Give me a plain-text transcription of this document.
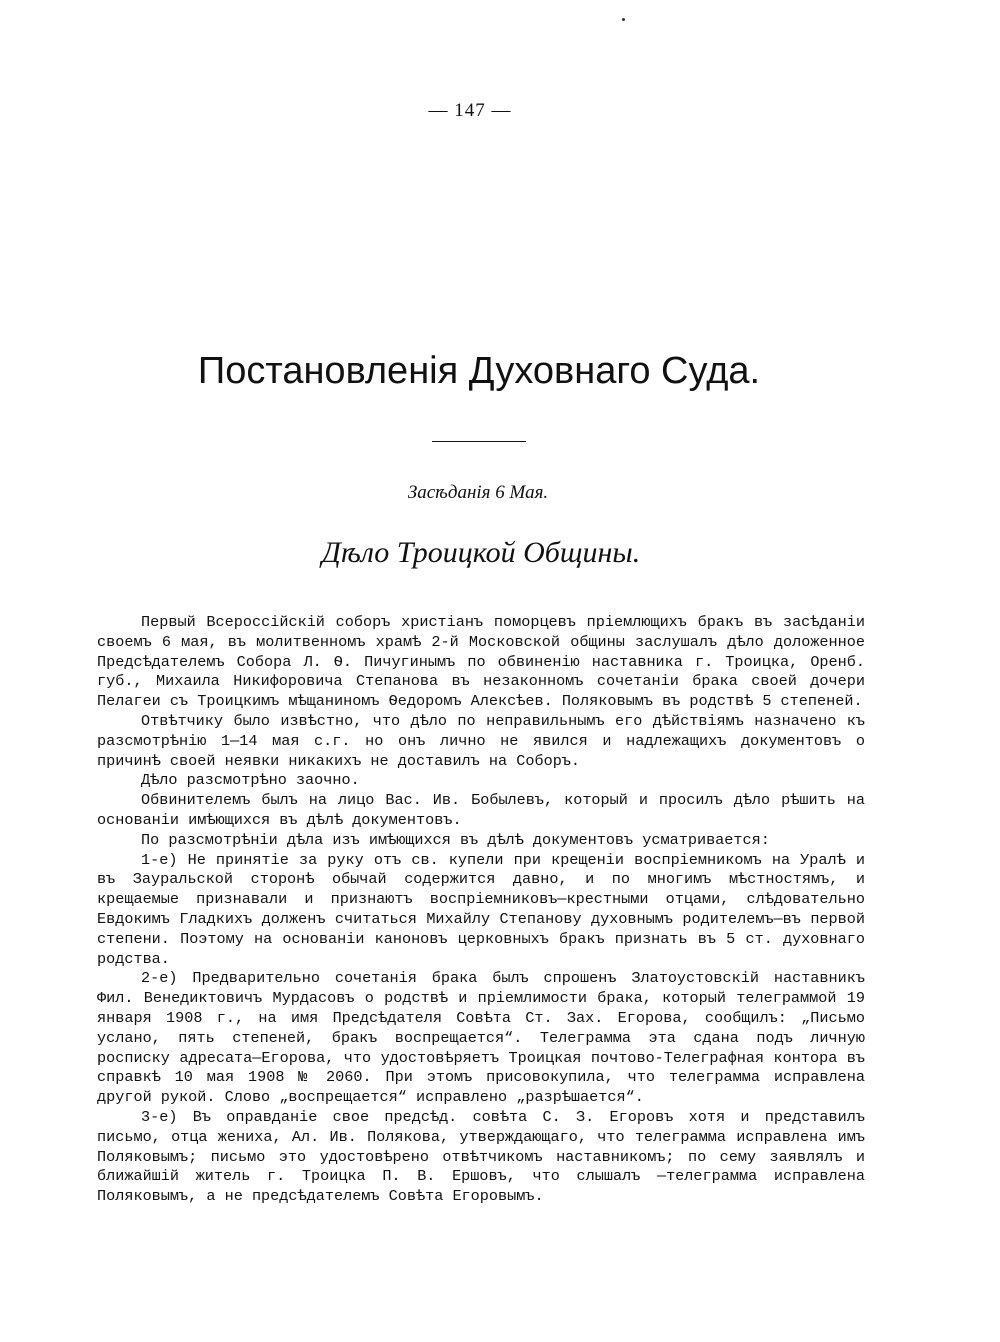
— 147 —
Постановленія Духовнаго Суда.
Засѣданія 6 Мая.
Дѣло Троицкой Общины.

Первый Всероссійскій соборъ христіанъ поморцевъ пріемлющихъ бракъ въ засѣданіи своемъ 6 мая, въ молитвенномъ храмѣ 2-й Московской общины заслушалъ дѣло доложенное Предсѣдателемъ Собора Л. Ѳ. Пичугинымъ по обвиненію наставника г. Троицка, Оренб. губ., Михаила Никифоровича Степанова въ незаконномъ сочетаніи брака своей дочери Пелагеи съ Троицкимъ мѣщаниномъ Ѳедоромъ Алексѣев. Поляковымъ въ родствѣ 5 степеней.

Отвѣтчику было извѣстно, что дѣло по неправильнымъ его дѣйствіямъ назначено къ разсмотрѣнію 1—14 мая с.г. но онъ лично не явился и надлежащихъ документовъ о причинѣ своей неявки никакихъ не доставилъ на Соборъ.

Дѣло разсмотрѣно заочно.

Обвинителемъ былъ на лицо Вас. Ив. Бобылевъ, который и просилъ дѣло рѣшить на основаніи имѣющихся въ дѣлѣ документовъ.

По разсмотрѣніи дѣла изъ имѣющихся въ дѣлѣ документовъ усматривается:

1-е) Не принятіе за руку отъ св. купели при крещеніи воспріемникомъ на Уралѣ и въ Зауральской сторонѣ обычай содержится давно, и по многимъ мѣстностямъ, и крещаемые признавали и признаютъ воспріемниковъ—крестными отцами, слѣдовательно Евдокимъ Гладкихъ долженъ считаться Михайлу Степанову духовнымъ родителемъ—въ первой степени. Поэтому на основаніи каноновъ церковныхъ бракъ признать въ 5 ст. духовнаго родства.

2-е) Предварительно сочетанія брака былъ спрошенъ Златоустовскій наставникъ Фил. Венедиктовичъ Мурдасовъ о родствѣ и пріемлимости брака, который телеграммой 19 января 1908 г., на имя Предсѣдателя Совѣта Ст. Зах. Егорова, сообщилъ: „Письмо услано, пять степеней, бракъ воспрещается“. Телеграмма эта сдана подъ личную росписку адресата—Егорова, что удостовѣряетъ Троицкая почтово-Телеграфная контора въ справкѣ 10 мая 1908 № 2060. При этомъ присовокупила, что телеграмма исправлена другой рукой. Слово „воспрещается“ исправлено „разрѣшается“.

3-е) Въ оправданіе свое предсѣд. совѣта С. З. Егоровъ хотя и представилъ письмо, отца жениха, Ал. Ив. Полякова, утверждающаго, что телеграмма исправлена имъ Поляковымъ; письмо это удостовѣрено отвѣтчикомъ наставникомъ; по сему заявлялъ и ближайшій житель г. Троицка П. В. Ершовъ, что слышалъ —телеграмма исправлена Поляковымъ, а не предсѣдателемъ Совѣта Егоровымъ.
